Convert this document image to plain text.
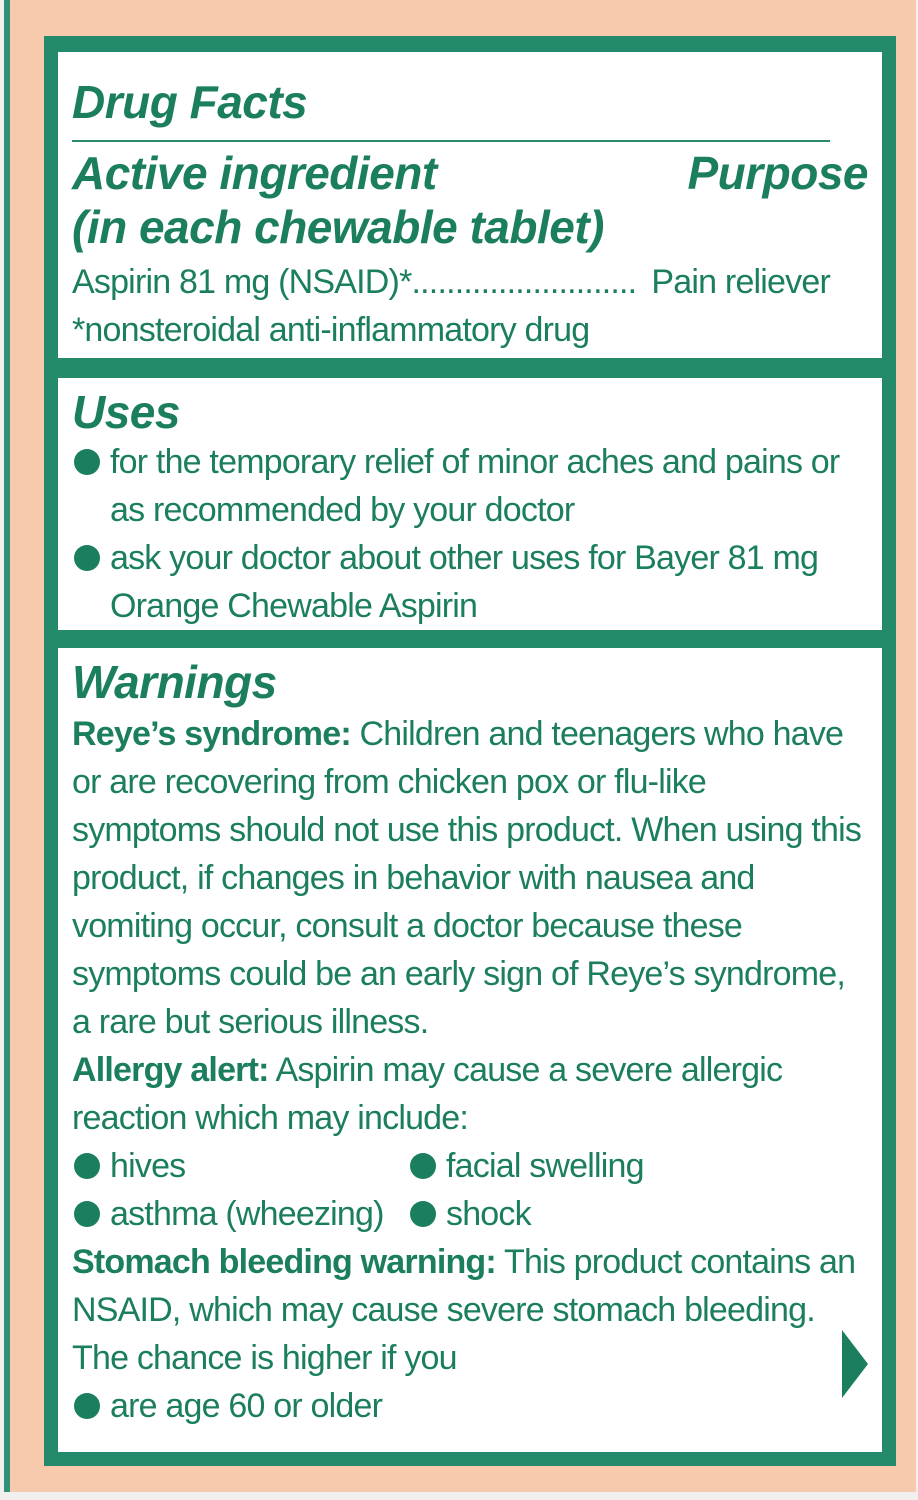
Drug Facts
Active ingredient
(in each chewable tablet)
Purpose
Aspirin 81 mg (NSAID)*.......................... Pain reliever
*nonsteroidal anti-inflammatory drug
Uses
for the temporary relief of minor aches and pains or as recommended by your doctor
ask your doctor about other uses for Bayer 81 mg Orange Chewable Aspirin
Warnings

Reye’s syndrome: Children and teenagers who have or are recovering from chicken pox or flu-like symptoms should not use this product. When using this product, if changes in behavior with nausea and vomiting occur, consult a doctor because these symptoms could be an early sign of Reye’s syndrome, a rare but serious illness.

Allergy alert: Aspirin may cause a severe allergic reaction which may include:

hives	facial swelling
asthma (wheezing)	shock

Stomach bleeding warning: This product contains an NSAID, which may cause severe stomach bleeding. The chance is higher if you

are age 60 or older
